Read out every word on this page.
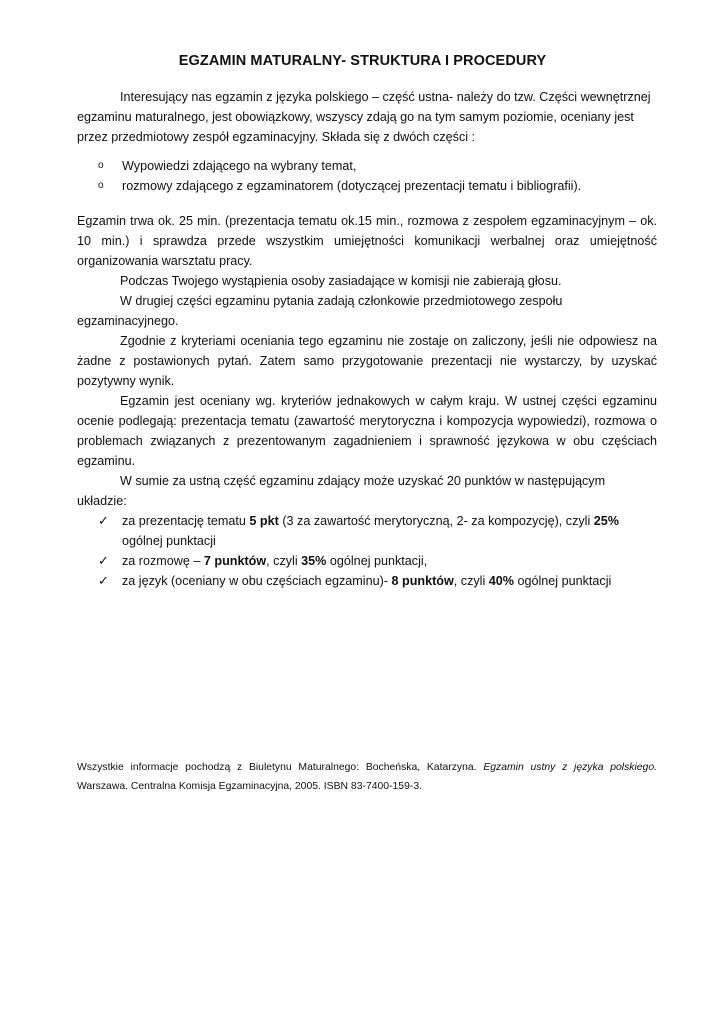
EGZAMIN MATURALNY- STRUKTURA I PROCEDURY

Interesujący nas egzamin z języka polskiego – część ustna- należy do tzw. Części wewnętrznej egzaminu maturalnego, jest obowiązkowy, wszyscy zdają go na tym samym poziomie, oceniany jest przez przedmiotowy zespół egzaminacyjny. Składa się z dwóch części :

o Wypowiedzi zdającego na wybrany temat,
o rozmowy zdającego z egzaminatorem (dotyczącej prezentacji tematu i bibliografii).

Egzamin trwa ok. 25 min. (prezentacja tematu ok.15 min., rozmowa z zespołem egzaminacyjnym – ok. 10 min.) i sprawdza przede wszystkim umiejętności komunikacji werbalnej oraz umiejętność organizowania warsztatu pracy.

Podczas Twojego wystąpienia osoby zasiadające w komisji nie zabierają głosu.

W drugiej części egzaminu pytania zadają członkowie przedmiotowego zespołu egzaminacyjnego.

Zgodnie z kryteriami oceniania tego egzaminu nie zostaje on zaliczony, jeśli nie odpowiesz na żadne z postawionych pytań. Zatem samo przygotowanie prezentacji nie wystarczy, by uzyskać pozytywny wynik.

Egzamin jest oceniany wg. kryteriów jednakowych w całym kraju. W ustnej części egzaminu ocenie podlegają: prezentacja tematu (zawartość merytoryczna i kompozycja wypowiedzi), rozmowa o problemach związanych z prezentowanym zagadnieniem i sprawność językowa w obu częściach egzaminu.

W sumie za ustną część egzaminu zdający może uzyskać 20 punktów w następującym układzie:

✓ za prezentację tematu 5 pkt (3 za zawartość merytoryczną, 2- za kompozycję), czyli 25% ogólnej punktacji
✓ za rozmowę – 7 punktów, czyli 35% ogólnej punktacji,
✓ za język (oceniany w obu częściach egzaminu)- 8 punktów, czyli 40% ogólnej punktacji
Wszystkie informacje pochodzą z Biuletynu Maturalnego: Bocheńska, Katarzyna. Egzamin ustny z języka polskiego. Warszawa. Centralna Komisja Egzaminacyjna, 2005. ISBN 83-7400-159-3.
